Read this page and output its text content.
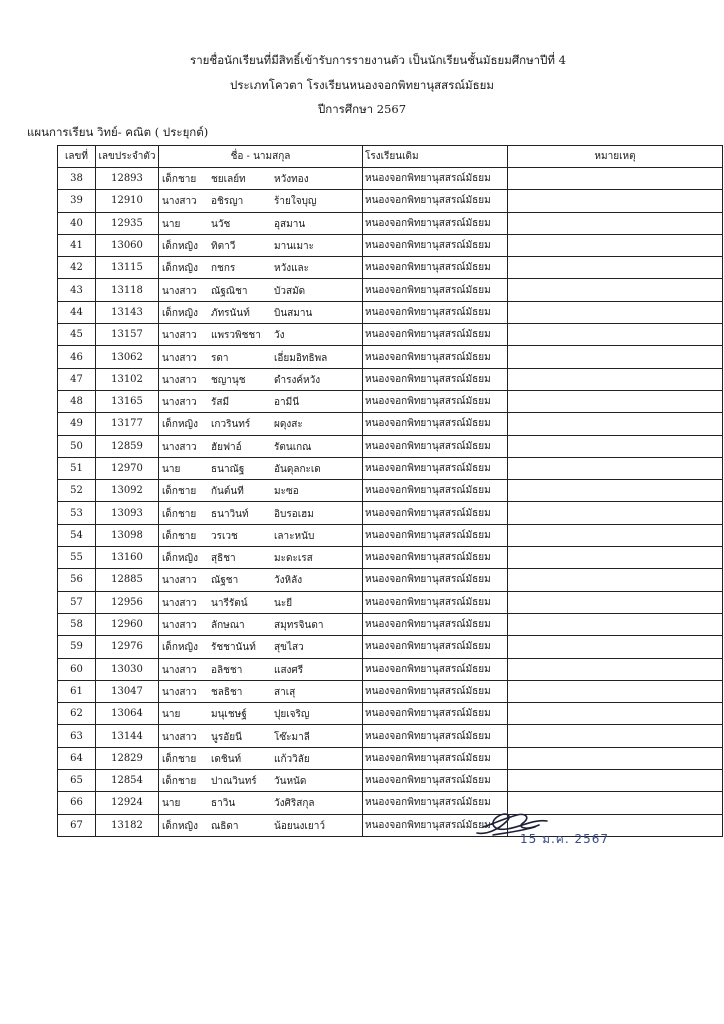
รายชื่อนักเรียนที่มีสิทธิ์เข้ารับการรายงานตัว เป็นนักเรียนชั้นมัธยมศึกษาปีที่ 4
ประเภทโควตา โรงเรียนหนองจอกพิทยานุสสรณ์มัธยม
ปีการศึกษา 2567
แผนการเรียน วิทย์- คณิต ( ประยุกต์)
เลขที่	เลขประจำตัว	ชื่อ - นามสกุล	โรงเรียนเดิม	หมายเหตุ
38	12893	เด็กชาย ชยเลย์ท หวังทอง	หนองจอกพิทยานุสสรณ์มัธยม	
39	12910	นางสาว อชิรญา ร้ายใจบุญ	หนองจอกพิทยานุสสรณ์มัธยม	
40	12935	นาย นวัช อุสมาน	หนองจอกพิทยานุสสรณ์มัธยม	
41	13060	เด็กหญิง ทิตาวี มานเมาะ	หนองจอกพิทยานุสสรณ์มัธยม	
42	13115	เด็กหญิง กชกร หวังและ	หนองจอกพิทยานุสสรณ์มัธยม	
43	13118	นางสาว ณัฐณิชา บัวสมัด	หนองจอกพิทยานุสสรณ์มัธยม	
44	13143	เด็กหญิง ภัทรนันท์ บินสมาน	หนองจอกพิทยานุสสรณ์มัธยม	
45	13157	นางสาว แพรวพิชชา วัง	หนองจอกพิทยานุสสรณ์มัธยม	
46	13062	นางสาว รดา เอี่ยมอิทธิพล	หนองจอกพิทยานุสสรณ์มัธยม	
47	13102	นางสาว ชญานุช ดำรงค์หวัง	หนองจอกพิทยานุสสรณ์มัธยม	
48	13165	นางสาว รัสมี อามีนี	หนองจอกพิทยานุสสรณ์มัธยม	
49	13177	เด็กหญิง เกวรินทร์ ผดุงสะ	หนองจอกพิทยานุสสรณ์มัธยม	
50	12859	นางสาว ฮัยฟาอ์ รัตนเกณ	หนองจอกพิทยานุสสรณ์มัธยม	
51	12970	นาย ธนาณัฐ อันดุลกะเด	หนองจอกพิทยานุสสรณ์มัธยม	
52	13092	เด็กชาย กันต์นที มะซอ	หนองจอกพิทยานุสสรณ์มัธยม	
53	13093	เด็กชาย ธนาวินท์ อิบรอเฮม	หนองจอกพิทยานุสสรณ์มัธยม	
54	13098	เด็กชาย วรเวช เลาะหนับ	หนองจอกพิทยานุสสรณ์มัธยม	
55	13160	เด็กหญิง สุธิชา มะดะเรส	หนองจอกพิทยานุสสรณ์มัธยม	
56	12885	นางสาว ณัฐชา วังหิลัง	หนองจอกพิทยานุสสรณ์มัธยม	
57	12956	นางสาว นารีรัตน์ นะยี	หนองจอกพิทยานุสสรณ์มัธยม	
58	12960	นางสาว ลักษณา สมุทรจินดา	หนองจอกพิทยานุสสรณ์มัธยม	
59	12976	เด็กหญิง รัชชานันท์ สุขไสว	หนองจอกพิทยานุสสรณ์มัธยม	
60	13030	นางสาว อลิชชา แสงศรี	หนองจอกพิทยานุสสรณ์มัธยม	
61	13047	นางสาว ชลธิชา สาเสุ	หนองจอกพิทยานุสสรณ์มัธยม	
62	13064	นาย มนุเชษฐ์ ปุยเจริญ	หนองจอกพิทยานุสสรณ์มัธยม	
63	13144	นางสาว นูรอัยนี โซ๊ะมาลี	หนองจอกพิทยานุสสรณ์มัธยม	
64	12829	เด็กชาย เดชินท์ แก้ววิลัย	หนองจอกพิทยานุสสรณ์มัธยม	
65	12854	เด็กชาย ปาณวินทร์ วันหนัด	หนองจอกพิทยานุสสรณ์มัธยม	
66	12924	นาย ธาวิน วังศิริสกุล	หนองจอกพิทยานุสสรณ์มัธยม	
67	13182	เด็กหญิง ณธิดา น้อยนงเยาว์	หนองจอกพิทยานุสสรณ์มัธยม	
15 ม.ค. 2567
